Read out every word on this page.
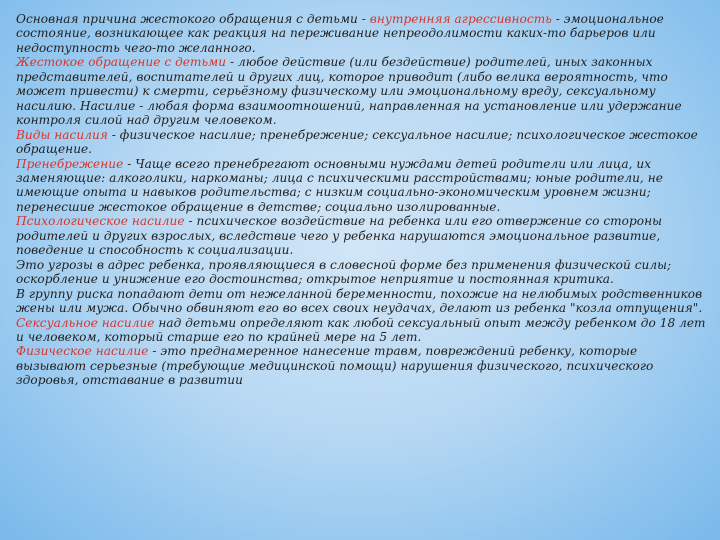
Основная причина жестокого обращения с детьми - внутренняя агрессивность - эмоциональное состояние, возникающее как реакция на переживание непреодолимости каких-то барьеров или недоступность чего-то желанного.

Жестокое обращение с детьми - любое действие (или бездействие) родителей, иных законных представителей, воспитателей и других лиц, которое приводит (либо велика вероятность, что может привести) к смерти, серьёзному физическому или эмоциональному вреду, сексуальному насилию. Насилие - любая форма взаимоотношений, направленная на установление или удержание контроля силой над другим человеком.

Виды насилия - физическое насилие; пренебрежение; сексуальное насилие; психологическое жестокое обращение.

Пренебрежение - Чаще всего пренебрегают основными нуждами детей родители или лица, их заменяющие: алкоголики, наркоманы; лица с психическими расстройствами; юные родители, не имеющие опыта и навыков родительства; с низким социально-экономическим уровнем жизни; перенесшие жестокое обращение в детстве; социально изолированные.

Психологическое насилие - психическое воздействие на ребенка или его отвержение со стороны родителей и других взрослых, вследствие чего у ребенка нарушаются эмоциональное развитие, поведение и способность к социализации.

Это угрозы в адрес ребенка, проявляющиеся в словесной форме без применения физической силы; оскорбление и унижение его достоинства; открытое неприятие и постоянная критика.

В группу риска попадают дети от нежеланной беременности, похожие на нелюбимых родственников жены или мужа. Обычно обвиняют его во всех своих неудачах, делают из ребенка "козла отпущения".

Сексуальное насилие над детьми определяют как любой сексуальный опыт между ребенком до 18 лет и человеком, который старше его по крайней мере на 5 лет.

Физическое насилие - это преднамеренное нанесение травм, повреждений ребенку, которые вызывают серьезные (требующие медицинской помощи) нарушения физического, психического здоровья, отставание в развитии
